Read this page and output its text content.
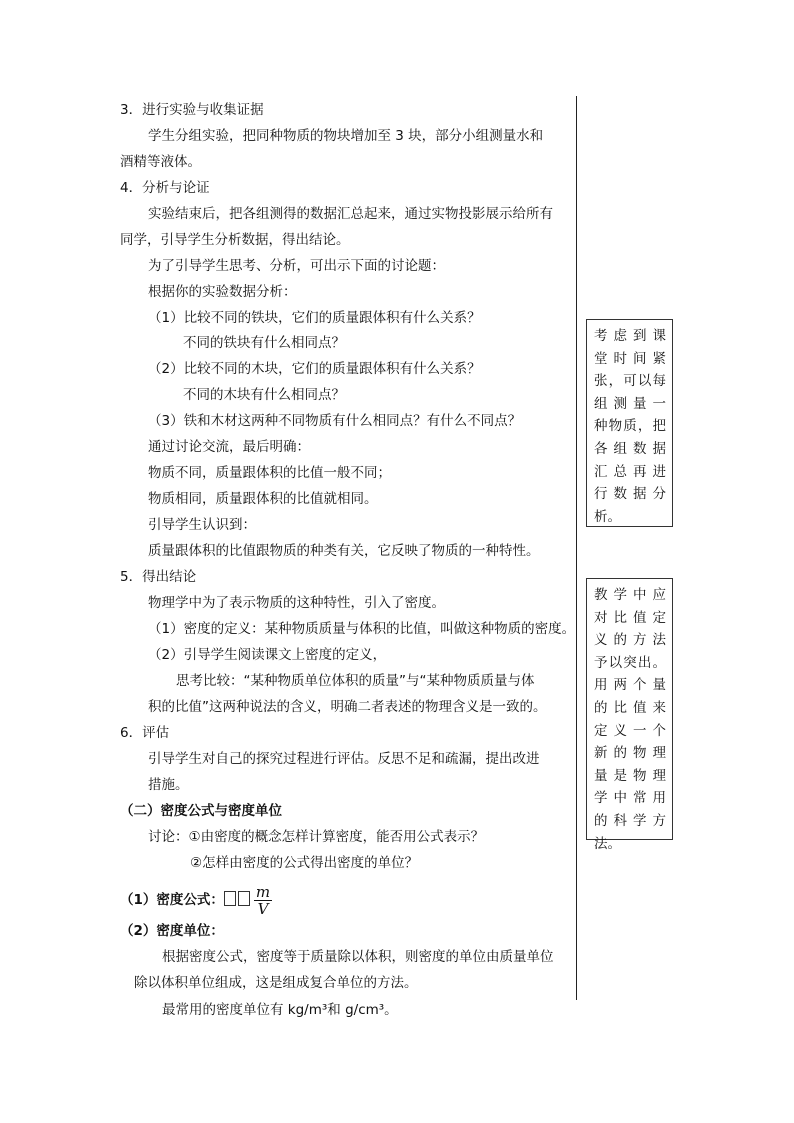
3．进行实验与收集证据
学生分组实验，把同种物质的物块增加至 3 块，部分小组测量水和
酒精等液体。
4．分析与论证
实验结束后，把各组测得的数据汇总起来，通过实物投影展示给所有
同学，引导学生分析数据，得出结论。
为了引导学生思考、分析，可出示下面的讨论题：
根据你的实验数据分析：
（1）比较不同的铁块，它们的质量跟体积有什么关系？
不同的铁块有什么相同点？
（2）比较不同的木块，它们的质量跟体积有什么关系？
不同的木块有什么相同点？
（3）铁和木材这两种不同物质有什么相同点？有什么不同点？
通过讨论交流，最后明确：
物质不同，质量跟体积的比值一般不同；
物质相同，质量跟体积的比值就相同。
引导学生认识到：
质量跟体积的比值跟物质的种类有关，它反映了物质的一种特性。
5．得出结论
物理学中为了表示物质的这种特性，引入了密度。
（1）密度的定义：某种物质质量与体积的比值，叫做这种物质的密度。
（2）引导学生阅读课文上密度的定义，
思考比较：“某种物质单位体积的质量”与“某种物质质量与体
积的比值”这两种说法的含义，明确二者表述的物理含义是一致的。
6．评估
引导学生对自己的探究过程进行评估。反思不足和疏漏，提出改进
措施。
（二）密度公式与密度单位
讨论：①由密度的概念怎样计算密度，能否用公式表示？
②怎样由密度的公式得出密度的单位？
（1）密度公式： $\frac{m}{V}$
（2）密度单位：
根据密度公式，密度等于质量除以体积，则密度的单位由质量单位
除以体积单位组成，这是组成复合单位的方法。
最常用的密度单位有 kg/m³和 g/cm³。
考虑到课
堂时间紧
张，可以每
组测量一
种物质，把
各组数据
汇总再进
行数据分
析。
教学中应
对比值定
义的方法
予以突出。
用两个量
的比值来
定义一个
新的物理
量是物理
学中常用
的科学方
法。
